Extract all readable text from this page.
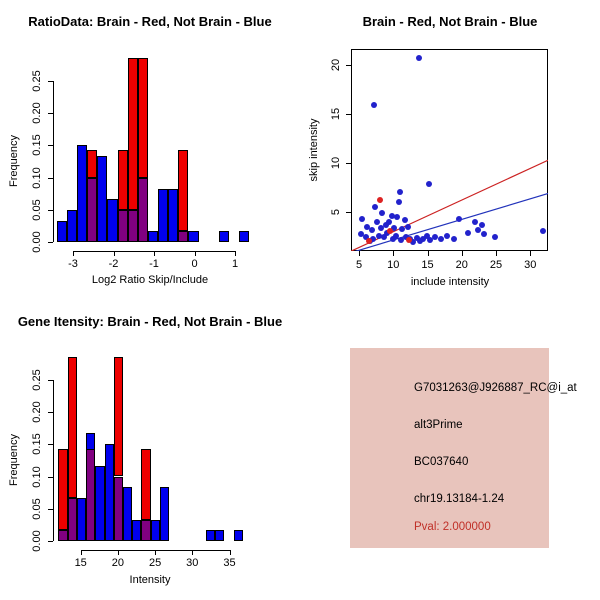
RatioData: Brain - Red, Not Brain - Blue
Log2 Ratio Skip/Include
Frequency
0.00
0.05
0.10
0.15
0.20
0.25
-3	-2	-1	0	1
Brain - Red, Not Brain - Blue
include intensity
skip intensity
5	10	15	20	25	30
5
10
15
20
Gene Itensity: Brain - Red, Not Brain - Blue
Intensity
Frequency
0.00
0.05
0.10
0.15
0.20
0.25
15	20	25	30	35
G7031263@J926887_RC@i_at
alt3Prime
BC037640
chr19.13184-1.24
Pval: 2.000000
